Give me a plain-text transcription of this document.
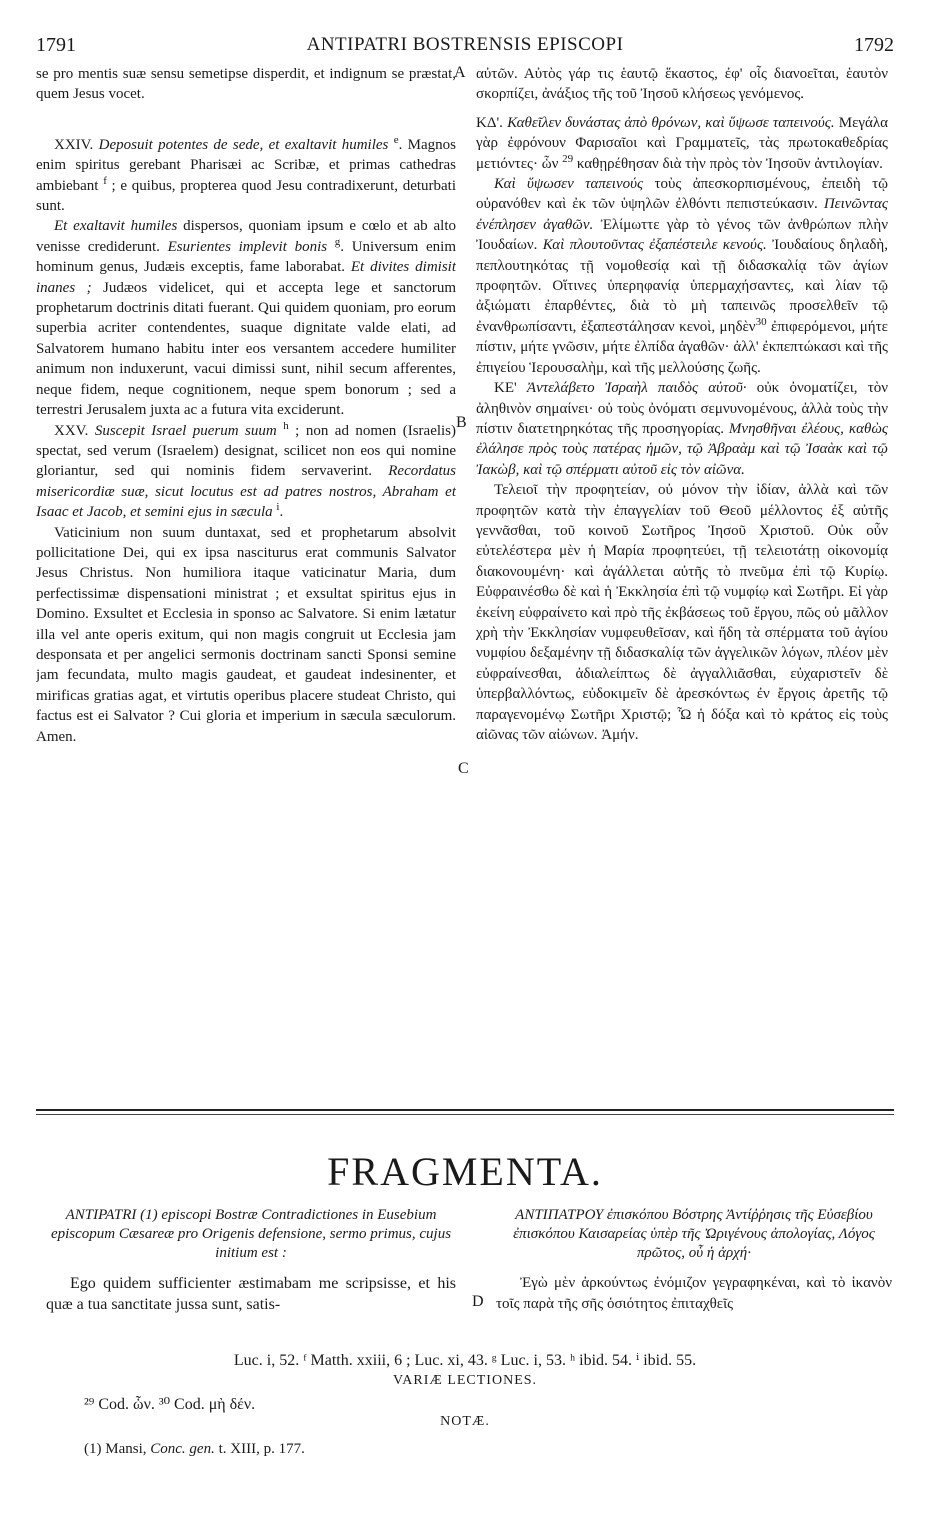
1791	ANTIPATRI BOSTRENSIS EPISCOPI	1792

se pro mentis suæ sensu semetipse disperdit, et indignum se præstat, quem Jesus vocet.

XXIV. Deposuit potentes de sede, et exaltavit humiles $^e$. Magnos enim spiritus gerebant Pharisæi ac Scribæ, et primas cathedras ambiebant $^f$ ; e quibus, propterea quod Jesu contradixerunt, deturbati sunt.

Et exaltavit humiles dispersos, quoniam ipsum e cœlo et ab alto venisse crediderunt. Esurientes implevit bonis $^g$. Universum enim hominum genus, Judæis exceptis, fame laborabat. Et divites dimisit inanes ; Judæos videlicet, qui et accepta lege et sanctorum prophetarum doctrinis ditati fuerant. Qui quidem quoniam, pro eorum superbia acriter contendentes, suaque dignitate valde elati, ad Salvatorem humano habitu inter eos versantem accedere humiliter animum non induxerunt, vacui dimissi sunt, nihil secum afferentes, neque fidem, neque cognitionem, neque spem bonorum ; sed a terrestri Jerusalem juxta ac a futura vita exciderunt.

XXV. Suscepit Israel puerum suum $^h$ ; non ad nomen (Israelis) spectat, sed verum (Israelem) designat, scilicet non eos qui nomine gloriantur, sed qui nominis fidem servaverint. Recordatus misericordiæ suæ, sicut locutus est ad patres nostros, Abraham et Isaac et Jacob, et semini ejus in sæcula $^i$.

Vaticinium non suum duntaxat, sed et prophetarum absolvit pollicitatione Dei, qui ex ipsa nasciturus erat communis Salvator Jesus Christus. Non humiliora itaque vaticinatur Maria, dum perfectissimæ dispensationi ministrat ; et exsultat spiritus ejus in Domino. Exsultet et Ecclesia in sponso ac Salvatore. Si enim lætatur illa vel ante operis exitum, qui non magis congruit ut Ecclesia jam desponsata et per angelici sermonis doctrinam sancti Sponsi semine jam fecundata, multo magis gaudeat, et gaudeat indesinenter, et mirificas gratias agat, et virtutis operibus placere studeat Christo, qui factus est ei Salvator ? Cui gloria et imperium in sæcula sæculorum. Amen.

A
B
C
D

αὐτῶν. Αὐτὸς γάρ τις ἑαυτῷ ἕκαστος, ἐφ' οἷς διανοεῖται, ἑαυτὸν σκορπίζει, ἀνάξιος τῆς τοῦ Ἰησοῦ κλήσεως γενόμενος.

ΚΔ'. Καθεῖλεν δυνάστας ἀπὸ θρόνων, καὶ ὕψωσε ταπεινούς. Μεγάλα γὰρ ἐφρόνουν Φαρισαῖοι καὶ Γραμματεῖς, τὰς πρωτοκαθεδρίας μετιόντες· ὧν $^{29}$ καθῃρέθησαν διὰ τὴν πρὸς τὸν Ἰησοῦν ἀντιλογίαν.

Καὶ ὕψωσεν ταπεινούς τοὺς ἀπεσκορπισμένους, ἐπειδὴ τῷ οὐρανόθεν καὶ ἐκ τῶν ὑψηλῶν ἐλθόντι πεπιστεύκασιν. Πεινῶντας ἐνέπλησεν ἀγαθῶν. Ἐλίμωττε γὰρ τὸ γένος τῶν ἀνθρώπων πλὴν Ἰουδαίων. Καὶ πλουτοῦντας ἐξαπέστειλε κενούς. Ἰουδαίους δηλαδὴ, πεπλουτηκότας τῇ νομοθεσίᾳ καὶ τῇ διδασκαλίᾳ τῶν ἁγίων προφητῶν. Οἵτινες ὑπερηφανίᾳ ὑπερμαχήσαντες, καὶ λίαν τῷ ἀξιώματι ἐπαρθέντες, διὰ τὸ μὴ ταπεινῶς προσελθεῖν τῷ ἐνανθρωπίσαντι, ἐξαπεστάλησαν κενοὶ, μηδὲν$^{30}$ ἐπιφερόμενοι, μήτε πίστιν, μήτε γνῶσιν, μήτε ἐλπίδα ἀγαθῶν· ἀλλ' ἐκπεπτώκασι καὶ τῆς ἐπιγείου Ἱερουσαλὴμ, καὶ τῆς μελλούσης ζωῆς.

ΚΕ' Ἀντελάβετο Ἰσραὴλ παιδὸς αὐτοῦ· οὐκ ὀνοματίζει, τὸν ἀληθινὸν σημαίνει· οὐ τοὺς ὀνόματι σεμνυνομένους, ἀλλὰ τοὺς τὴν πίστιν διατετηρηκότας τῆς προσηγορίας. Μνησθῆναι ἐλέους, καθὼς ἐλάλησε πρὸς τοὺς πατέρας ἡμῶν, τῷ Ἀβραὰμ καὶ τῷ Ἰσαὰκ καὶ τῷ Ἰακὼβ, καὶ τῷ σπέρματι αὐτοῦ εἰς τὸν αἰῶνα.

Τελειοῖ τὴν προφητείαν, οὐ μόνον τὴν ἰδίαν, ἀλλὰ καὶ τῶν προφητῶν κατὰ τὴν ἐπαγγελίαν τοῦ Θεοῦ μέλλοντος ἐξ αὐτῆς γεννᾶσθαι, τοῦ κοινοῦ Σωτῆρος Ἰησοῦ Χριστοῦ. Οὐκ οὖν εὐτελέστερα μὲν ἡ Μαρία προφητεύει, τῇ τελειοτάτῃ οἰκονομίᾳ διακονουμένη· καὶ ἀγάλλεται αὐτῆς τὸ πνεῦμα ἐπὶ τῷ Κυρίῳ. Εὐφραινέσθω δὲ καὶ ἡ Ἐκκλησία ἐπὶ τῷ νυμφίῳ καὶ Σωτῆρι. Εἰ γὰρ ἐκείνη εὐφραίνετο καὶ πρὸ τῆς ἐκβάσεως τοῦ ἔργου, πῶς οὐ μᾶλλον χρὴ τὴν Ἐκκλησίαν νυμφευθεῖσαν, καὶ ἤδη τὰ σπέρματα τοῦ ἁγίου νυμφίου δεξαμένην τῇ διδασκαλίᾳ τῶν ἀγγελικῶν λόγων, πλέον μὲν εὐφραίνεσθαι, ἀδιαλείπτως δὲ ἀγγαλλιᾶσθαι, εὐχαριστεῖν δὲ ὑπερβαλλόντως, εὐδοκιμεῖν δὲ ἀρεσκόντως ἐν ἔργοις ἀρετῆς τῷ παραγενομένῳ Σωτῆρι Χριστῷ; Ὧ ἡ δόξα καὶ τὸ κράτος εἰς τοὺς αἰῶνας τῶν αἰώνων. Ἀμήν.

FRAGMENTA.
ANTIPATRI (1) episcopi Bostræ Contradictiones in Eusebium episcopum Cæsareæ pro Origenis defensione, sermo primus, cujus initium est :
Ego quidem sufficienter æstimabam me scripsisse, et his quæ a tua sanctitate jussa sunt, satis-
ΑΝΤΙΠΑΤΡΟΥ ἐπισκόπου Βόστρης Ἀντίῤῥησις τῆς Εὐσεβίου ἐπισκόπου Καισαρείας ὑπὲρ τῆς Ὠριγένους ἀπολογίας, Λόγος πρῶτος, οὗ ἡ ἀρχή·
Ἐγὼ μὲν ἀρκούντως ἐνόμιζον γεγραφηκέναι, καὶ τὸ ἱκανὸν τοῖς παρὰ τῆς σῆς ὁσιότητος ἐπιταχθεῖς
Luc. i, 52. ᶠ Matth. xxiii, 6 ; Luc. xi, 43. ᵍ Luc. i, 53. ʰ ibid. 54. ⁱ ibid. 55.
VARIÆ LECTIONES.
²⁹ Cod. ὧν. ³⁰ Cod. μὴ δέν.
NOTÆ.
(1) Mansi, Conc. gen. t. XIII, p. 177.
